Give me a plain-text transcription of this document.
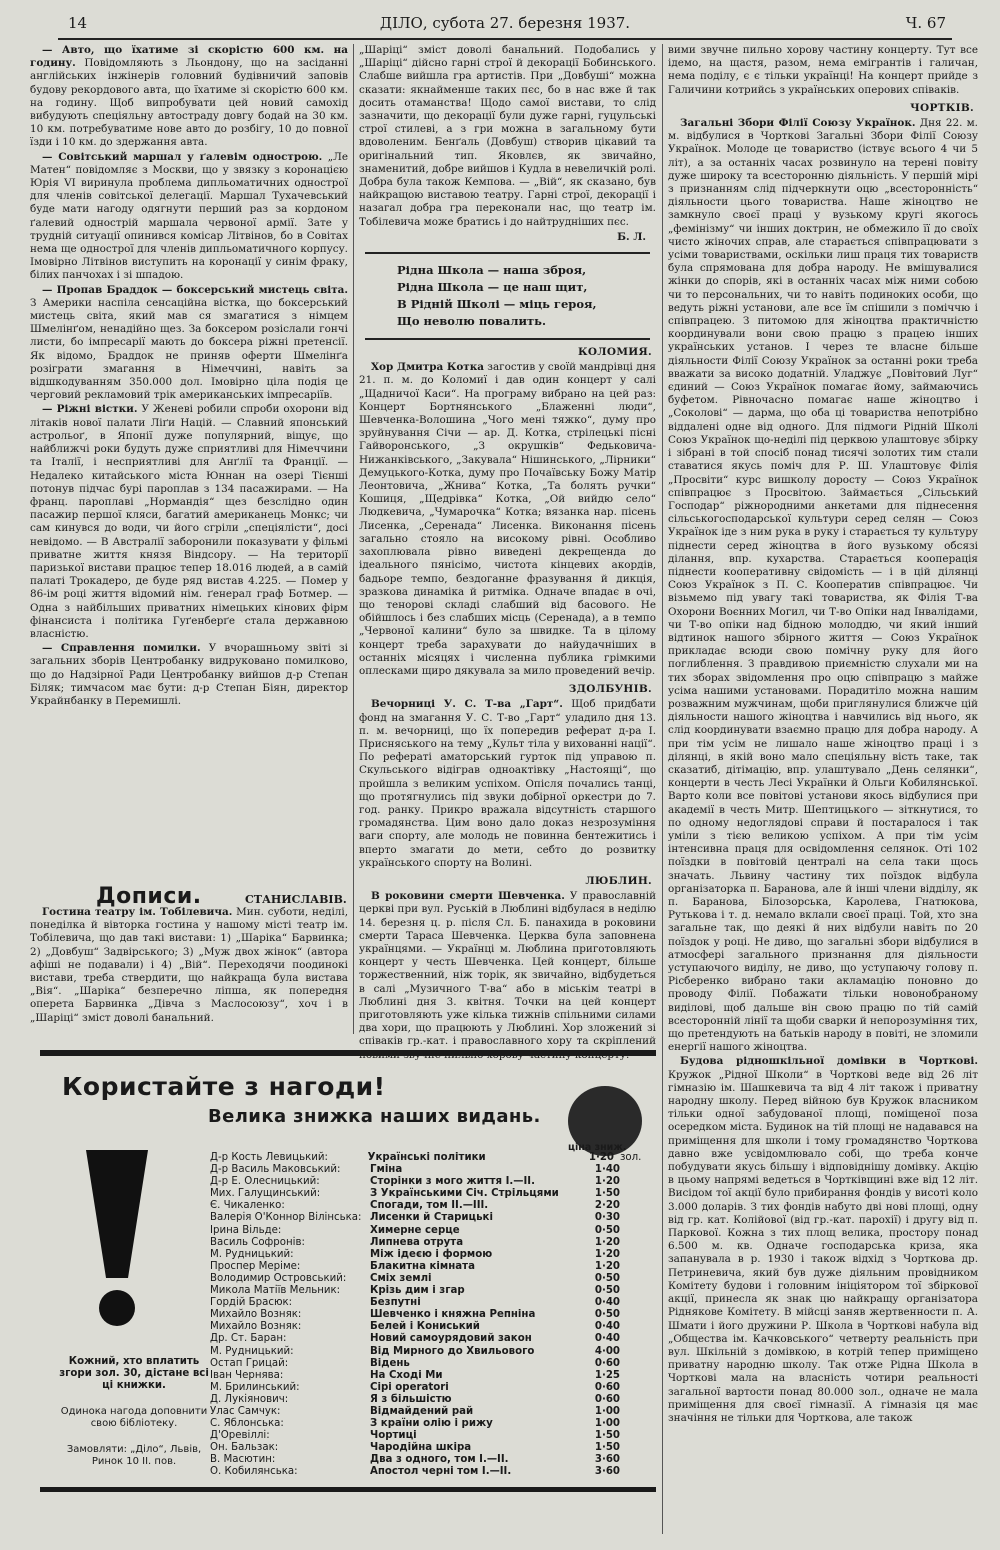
14	ДІЛО, субота 27. березня 1937.	Ч. 67

— Авто, що їхатиме зі скорістю 600 км. на годину. Повідомляють з Льондону, що на засіданні англійських інжінерів головний будівничий заповів будову рекордового авта, що їхатиме зі скорістю 600 км. на годину. Щоб випробувати цей новий самохід вибудують спеціяльну автостраду довгу бодай на 30 км. 10 км. потребуватиме нове авто до розбігу, 10 до повної їзди і 10 км. до здержання авта.

— Совітський маршал у ґалевім однострою. „Ле Матен“ повідомляє з Москви, що у звязку з коронацією Юрія VI виринула проблема дипльоматичних однострої для членів совітської делегації. Маршал Тухачевський буде мати нагоду одягнути перший раз за кордоном ґалевий однострій маршала червоної армії. Зате у трудній ситуації опинився комісар Літвінов, бо в Совітах нема ще однострої для членів дипльоматичного корпусу. Імовірно Літвінов виступить на коронації у синім фраку, білих панчохах і зі шпадою.

— Пропав Браддок — боксерський мистець світа. З Америки наспіла сенсаційна вістка, що боксерський мистець світа, який мав ся змагатися з німцем Шмелінґом, ненадійно щез. За боксером розіслали гончі листи, бо імпресарії мають до боксера ріжні претенсії. Як відомо, Браддок не приняв оферти Шмелінґа розіграти змагання в Німеччині, навіть за відшкодуванням 350.000 дол. Імовірно ціла подія це черговий рекламовий трік американських імпресаріїв.

— Ріжні вістки. У Женеві робили спроби охорони від літаків нової палати Ліґи Націй. — Славний японський астрольоґ, в Японії дуже популярний, віщує, що найближчі роки будуть дуже сприятливі для Німеччини та Італії, і несприятливі для Анґлії та Франції. — Недалеко китайського міста Юннан на озері Тієнші потонув підчас бурі пароплав з 134 пасажирами. — На франц. пароплаві „Нормандія“ щез безслідно один пасажир першої кляси, багатий американець Монкс; чи сам кинувся до води, чи його сгріли „спеціялісти“, досі невідомо. — В Австралії заборонили показувати у фільмі приватне життя князя Віндсору. — На території паризької вистави працює тепер 18.016 людей, а в самій палаті Трокадеро, де буде ряд вистав 4.225. — Помер у 86-ім році життя відомий нім. ґенерал граф Ботмер. — Одна з найбільших приватних німецьких кінових фірм фінансиста і політика Гуґенберґе стала державною власністю.

— Справлення помилки. У вчорашньому звіті зі загальних зборів Центробанку видруковано помилково, що до Надзірної Ради Центробанку вийшов д-р Степан Біляк; тимчасом має бути: д-р Степан Біян, директор Украйнбанку в Перемишлі.

Дописи.	СТАНИСЛАВІВ.

Гостина театру ім. Тобілевича. Мин. суботи, неділі, понеділка й вівторка гостина у нашому місті театр ім. Тобілевича, що дав такі вистави: 1) „Шаріка“ Барвинка; 2) „Довбуш“ Задвірського; 3) „Муж двох жінок“ (автора афіші не подавали) і 4) „Вій“. Переходячи поодинокі вистави, треба ствердити, що найкраща була вистава „Вія“. „Шаріка“ безперечно ліпша, як попередня оперета Барвинка „Дівча з Маслосоюзу“, хоч і в „Шаріці“ зміст доволі банальний.

„Шаріці“ зміст доволі банальний. Подобались у „Шаріці“ дійсно гарні строї й декорації Бобинського. Слабше вийшла гра артистів. При „Довбуші“ можна сказати: якнайменше таких пєс, бо в нас вже й так досить отаманства! Щодо самої вистави, то слід зазначити, що декорації були дуже гарні, гуцульські строї стилеві, а з гри можна в загальному бути вдоволеним. Бенґаль (Довбуш) створив цікавий та оригінальний тип. Яковлєв, як звичайно, знаменитий, добре вийшов і Кудла в невеличкій ролі. Добра була також Кемпова. — „Вій“, як сказано, був найкращою виставою театру. Гарні строї, декорації і назагал добра гра переконали нас, що театр ім. Тобілевича може братись і до найтрудніших пєс.

Б. Л.
Рідна Школа — наша зброя,
Рідна Школа — це наш щит,
В Рідній Школі — міць героя,
Що неволю повалить.
КОЛОМИЯ.

Хор Дмитра Котка загостив у своїй мандрівці дня 21. п. м. до Коломиї і дав один концерт у салі „Щадничої Каси“. На програму вибрано на цей раз: Концерт Бортнянського „Блаженні люди“, Шевченка-Волошина „Чого мені тяжко“, думу про зруйнування Січи — ар. Д. Котка, стрілецькі пісні Гайворонського, „З окрушків“ Федьковича-Нижанківського, „Закувала“ Нішинського, „Лірники“ Демуцького-Котка, думу про Почаївську Божу Матір Леонтовича, „Жнива“ Котка, „Та болять ручки“ Кошиця, „Щедрівка“ Котка, „Ой вийдю село“ Людкевича, „Чумарочка“ Котка; вязанка нар. пісень Лисенка, „Серенада“ Лисенка. Виконання пісень загально стояло на високому рівні. Особливо захоплювала рівно виведені декрещенда до ідеального пянісімо, чистота кінцевих акордів, бадьоре темпо, бездоганне фразування й дикція, зразкова динаміка й ритміка. Одначе впадає в очі, що тенорові складі слабший від басового. Не обійшлось і без слабших місць (Серенада), а в темпо „Червоної калини“ було за швидке. Та в цілому концерт треба зарахувати до найудачніших в останніх місяцях і численна публика грімкими оплесками щиро дякувала за мило проведений вечір.

ЗДОЛБУНІВ.

Вечорниці У. С. Т-ва „Гарт“. Щоб придбати фонд на змагання У. С. Т-во „Гарт“ уладило дня 13. п. м. вечорниці, що їх попередив реферат д-ра І. Присняського на тему „Культ тіла у вихованні нації“. По рефераті аматорський гурток під управою п. Скульського відіграв одноактівку „Настоящі“, що пройшла з великим успіхом. Опісля почались танці, що протягнулись під звуки добірної оркестри до 7. год. ранку. Прикро вражала відсутність старшого громадянства. Цим воно дало доказ незрозуміння ваги спорту, але молодь не повинна бентежитись і вперто змагати до мети, себто до розвитку українського спорту на Волині.

ЛЮБЛИН.

В роковини смерти Шевченка. У православній церкві при вул. Руській в Люблині відбулася в неділю 14. березня ц. р. після Сл. Б. панахида в роковини смерти Тараса Шевченка. Церква була заповнена українцями. — Українці м. Люблина приготовляють концерт у честь Шевченка. Цей концерт, більше торжественний, ніж торік, як звичайно, відбудеться в салі „Музичного Т-ва“ або в міськім театрі в Люблині дня 3. квітня. Точки на цей концерт приготовляють уже кілька тижнів спільними силами два хори, що працюють у Люблині. Хор зложений зі співаків гр.-кат. і православного хору та скріплений

вими звучне пильно хорову частину концерту. Тут все ідемо, на щастя, разом, нема емігрантів і галичан, нема поділу, є є тільки українці! На концерт прийде з Галичини котрийсь з українських оперових співаків.

ЧОРТКІВ.

Загальні Збори Філії Союзу Українок. Дня 22. м. м. відбулися в Чорткові Загальні Збори Філії Союзу Українок. Молоде це товариство (іствує всього 4 чи 5 літ), а за останніх часах розвинуло на терені повіту дуже широку та всесторонню діяльність. У першій мірі з признанням слід підчеркнути оцю „всесторонність“ діяльности цього товариства. Наше жіноцтво не замкнуло своєї праці у вузькому кругі якогось „фемінізму“ чи інших доктрин, не обмежило її до своїх чисто жіночих справ, але старається співпрацювати з усіми товариствами, оскільки лиш праця тих товариств була спрямована для добра народу. Не вмішувалися жінки до спорів, які в останніх часах між ними собою чи то персональних, чи то навіть подиноких особи, що ведуть ріжні установи, але все їм спішили з поміччю і співпрацею. З питомою для жіноцтва практичністю координували вони свою працю з працею інших українських установ. І через те власне більше діяльности Філії Союзу Українок за останні роки треба вважати за високо додатній. Уладжує „Повітовий Луг“ єдиний — Союз Українок помагає йому, займаючись буфетом. Рівночасно помагає наше жіноцтво і „Соколові“ — дарма, що оба ці товариства непотрібно віддалені одне від одного. Для підмоги Рідній Школі Союз Українок що-неділі під церквою улаштовує збірку і зібрані в той спосіб понад тисячі золотих тим стали ставатися якусь поміч для Р. Ш. Улаштовує Філія „Просвіти“ курс вишколу доросту — Союз Українок співпрацює з Просвітою. Займається „Сільський Господар“ ріжнородними анкетами для піднесення сільськогосподарської культури серед селян — Союз Українок іде з ним рука в руку і старається ту культуру піднести серед жіноцтва в його вузькому обсязі ділання, впр. кухарства. Старається кооперація піднести кооперативну свідомість — і в цій ділянці Союз Українок з П. С. Кооператив співпрацює. Чи візьмемо під увагу такі товариства, як Філія Т-ва Охорони Воєнних Могил, чи Т-во Опіки над Інвалідами, чи Т-во опіки над бідною молоддю, чи який інший відтинок нашого збірного життя — Союз Українок прикладає всюди свою помічну руку для його поглиблення. З правдивою приємністю слухали ми на тих зборах звідомлення про оцю співпрацю з майже усіма нашими установами. Порадитіло можна нашим розважним мужчинам, щоби приглянулися ближче цій діяльности нашого жіноцтва і навчились від нього, як слід координувати взаємно працю для добра народу. А при тім усім не лишало наше жіноцтво праці і з ділянці, в якій воно мало спеціяльну вість таке, так сказатиб, дітімацію, впр. улаштувало „День селянки“, концерти в честь Лесі Українки й Ольги Кобилянської. Варто коли все повітові установи якось відбулися при академії в честь Митр. Шептицького — зіткнутися, то по одному недоглядові справи й постаралося і так уміли з тією великою успіхом. А при тім усім інтенсивна праця для освідомлення селянок. Оті 102 поїздки в повітовій централі на села таки щось значать. Львину частину тих поїздок відбула організаторка п. Баранова, але й інші члени відділу, як п. Баранова, Білозорська, Каролева, Гнатюкова, Рутькова і т. д. немало вклали своєї праці. Той, хто зна загальне так, що деякі й них відбули навіть по 20 поїздок у році. Не диво, що загальні збори відбулися в атмосфері загального признання для діяльности уступаючого виділу, не диво, що уступаючу голову п. Рісберенко вибрано таки акламацію поновно до проводу Філії. Побажати тільки новонобраному виділові, щоб дальше він свою працю по тій самій всесторонній лінії та щоби сварки й непорозуміння тих, що претендують на батьків народу в повіті, не зломили енергії нашого жіноцтва.

Будова рідношкільної домівки в Чорткові. Кружок „Рідної Школи“ в Чорткові веде від 26 літ гімназію ім. Шашкевича та від 4 літ також і приватну народну школу. Перед війною був Кружок власником тільки одної забудованої площі, поміщеної поза осередком міста. Будинок на тій площі не надавався на приміщення для школи і тому громадянство Чорткова давно вже усвідомлювало собі, що треба конче побудувати якусь більшу і відповіднішу домівку. Акцію в цьому напрямі ведеться в Чортківщині вже від 12 літ. Висідом тої акції було прибирання фондів у висоті коло 3.000 доларів. З тих фондів набуто дві нові площі, одну від гр. кат. Колійової (від гр.-кат. парохії) і другу від п. Паркової. Кожна з тих площ велика, простору понад 6.500 м. кв. Одначе господарська криза, яка запанувала в р. 1930 і також відхід з Чорткова др. Петриневича, який був дуже діяльним провідником Комітету будови і головним ініціятором тої збіркової акції, принесла як знак цю найкращу організатора Ріднякове Комітету. В мійсці заняв жертвенности п. А. Шмати і його дружини Р. Школа в Чорткові набула від „Общества ім. Качковського“ четверту реальність при вул. Шкільній з домівкою, в котрій тепер приміщено приватну народню школу. Так отже Рідна Школа в Чорткові мала на власність чотири реальності загальної вартости понад 80.000 зол., одначе не мала приміщення для своєї гімназії. А гімназія ця має значіння не тільки для Чорткова, але також

Користайте з нагоди!
Велика знижка наших видань.
ціна зниж.
Д-р Кость Левицький:	Українські політики	1·20 зол.
Д-р Василь Маковський:	Гміна	1·40
Д-р Е. Олесницький:	Сторінки з мого життя I.—II.	1·20
Мих. Галущинський:	З Українськими Січ. Стрільцями	1·50
Є. Чикаленко:	Спогади, том II.—III.	2·20
Валерія О'Коннор Вілінська: Лисенки й Старицькі	0·30
Ірина Вільде:	Химерне серце	0·50
Василь Софронів:	Липнева отрута	1·20
М. Рудницький:	Між ідеєю і формою	1·20
Проспер Меріме:	Блакитна кімната	1·20
Володимир Островський:	Сміх землі	0·50
Микола Матіїв Мельник:	Крізь дим і згар	0·50
Гордій Брасюк:	Безпутні	0·40
Михайло Возняк:	Шевченко і княжна Репніна	0·50
Михайло Возняк:	Белей і Кониський	0·40
Др. Ст. Баран:	Новий самоурядовий закон	0·40
М. Рудницький:	Від Мирного до Хвильового	4·00
Остап Грицай:	Відень	0·60
Іван Чернява:	На Сході Ми	1·25
М. Брилинський:	Сірі operatori	0·60
Д. Лукіянович:	Я з більшістю	0·60
Улас Самчук:	Відмайдений рай	1·00
С. Яблонська:	З країни олію і рижу	1·00
Д'Оревіллі:	Чортиці	1·50
Он. Бальзак:	Чародійна шкіра	1·50
В. Масютин:	Два з одного, том I.—II.	3·60
О. Кобилянська:	Апостол черні том I.—II.	3·60
Кожний, хто вплатить згори зол. 30, дістане всі ці книжки.
Одинока нагода доповнити свою бібліотеку.
Замовляти: „Діло“, Львів, Ринок 10 II. пов.
